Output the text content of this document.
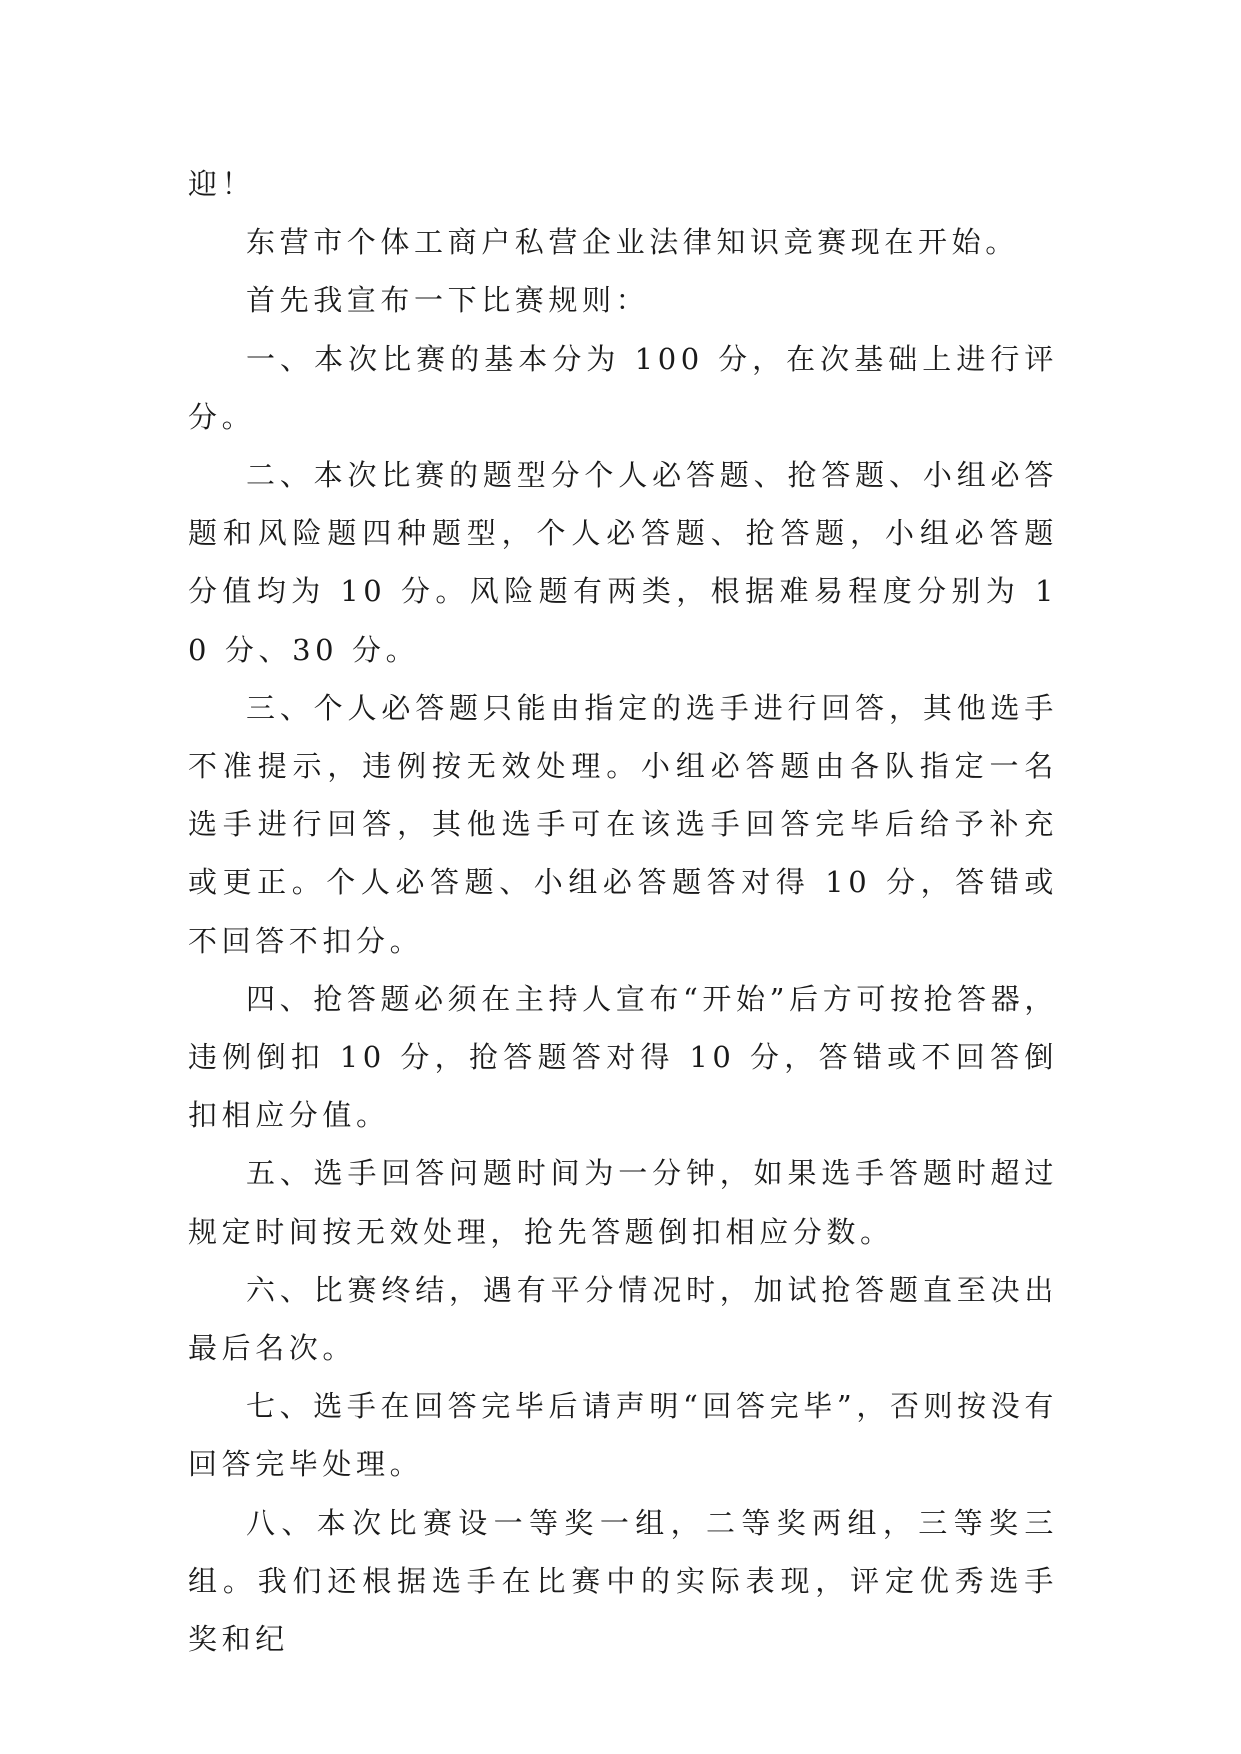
迎！

东营市个体工商户私营企业法律知识竞赛现在开始。

首先我宣布一下比赛规则：

一、本次比赛的基本分为 100 分，在次基础上进行评分。

二、本次比赛的题型分个人必答题、抢答题、小组必答题和风险题四种题型，个人必答题、抢答题，小组必答题分值均为 10 分。风险题有两类，根据难易程度分别为 10 分、30 分。

三、个人必答题只能由指定的选手进行回答，其他选手不准提示，违例按无效处理。小组必答题由各队指定一名选手进行回答，其他选手可在该选手回答完毕后给予补充或更正。个人必答题、小组必答题答对得 10 分，答错或不回答不扣分。

四、抢答题必须在主持人宣布“开始”后方可按抢答器，违例倒扣 10 分，抢答题答对得 10 分，答错或不回答倒扣相应分值。

五、选手回答问题时间为一分钟，如果选手答题时超过规定时间按无效处理，抢先答题倒扣相应分数。

六、比赛终结，遇有平分情况时，加试抢答题直至决出最后名次。

七、选手在回答完毕后请声明“回答完毕”，否则按没有回答完毕处理。

八、本次比赛设一等奖一组，二等奖两组，三等奖三组。我们还根据选手在比赛中的实际表现，评定优秀选手奖和纪
